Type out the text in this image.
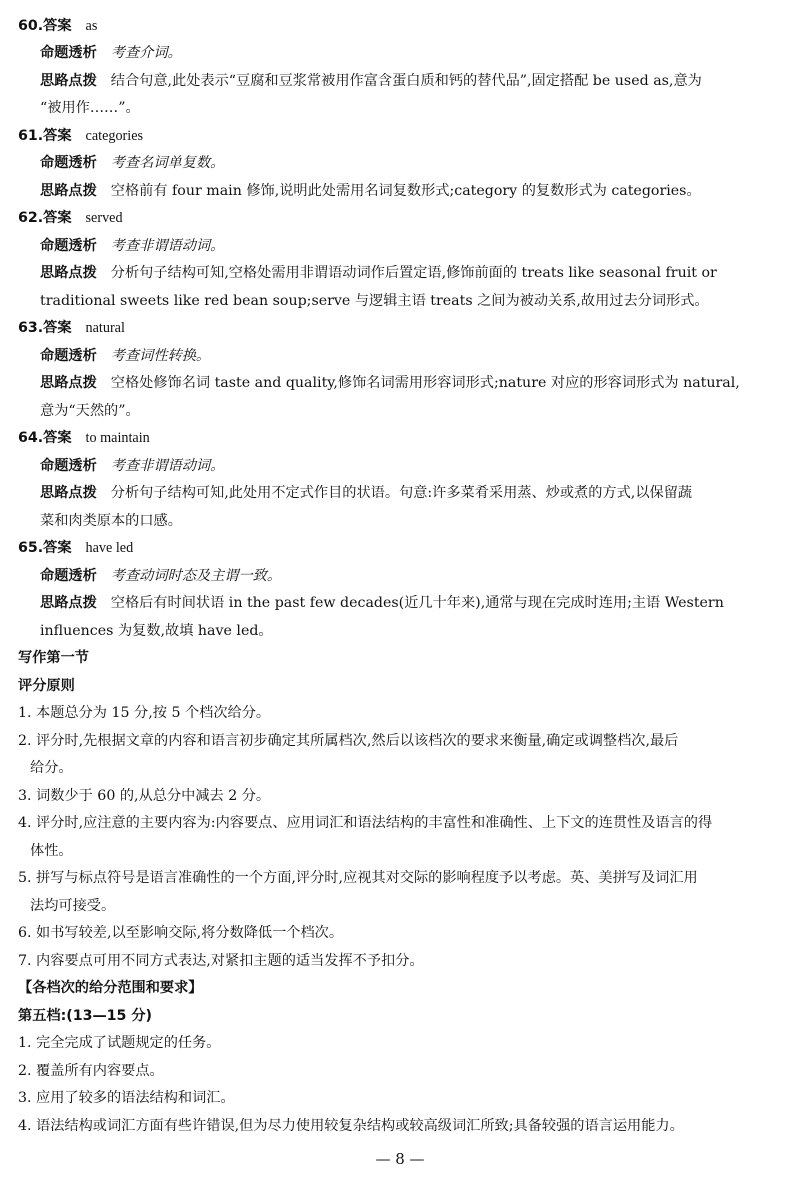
60.答案 as
命题透析 考查介词。
思路点拨 结合句意,此处表示“豆腐和豆浆常被用作富含蛋白质和钙的替代品”,固定搭配 be used as,意为
“被用作……”。
61.答案 categories
命题透析 考查名词单复数。
思路点拨 空格前有 four main 修饰,说明此处需用名词复数形式;category 的复数形式为 categories。
62.答案 served
命题透析 考查非谓语动词。
思路点拨 分析句子结构可知,空格处需用非谓语动词作后置定语,修饰前面的 treats like seasonal fruit or
traditional sweets like red bean soup;serve 与逻辑主语 treats 之间为被动关系,故用过去分词形式。
63.答案 natural
命题透析 考查词性转换。
思路点拨 空格处修饰名词 taste and quality,修饰名词需用形容词形式;nature 对应的形容词形式为 natural,
意为“天然的”。
64.答案 to maintain
命题透析 考查非谓语动词。
思路点拨 分析句子结构可知,此处用不定式作目的状语。句意:许多菜肴采用蒸、炒或煮的方式,以保留蔬
菜和肉类原本的口感。
65.答案 have led
命题透析 考查动词时态及主谓一致。
思路点拨 空格后有时间状语 in the past few decades(近几十年来),通常与现在完成时连用;主语 Western
influences 为复数,故填 have led。
写作第一节
评分原则
1. 本题总分为 15 分,按 5 个档次给分。
2. 评分时,先根据文章的内容和语言初步确定其所属档次,然后以该档次的要求来衡量,确定或调整档次,最后
给分。
3. 词数少于 60 的,从总分中减去 2 分。
4. 评分时,应注意的主要内容为:内容要点、应用词汇和语法结构的丰富性和准确性、上下文的连贯性及语言的得
体性。
5. 拼写与标点符号是语言准确性的一个方面,评分时,应视其对交际的影响程度予以考虑。英、美拼写及词汇用
法均可接受。
6. 如书写较差,以至影响交际,将分数降低一个档次。
7. 内容要点可用不同方式表达,对紧扣主题的适当发挥不予扣分。
【各档次的给分范围和要求】
第五档:(13—15 分)
1. 完全完成了试题规定的任务。
2. 覆盖所有内容要点。
3. 应用了较多的语法结构和词汇。
4. 语法结构或词汇方面有些许错误,但为尽力使用较复杂结构或较高级词汇所致;具备较强的语言运用能力。
— 8 —
